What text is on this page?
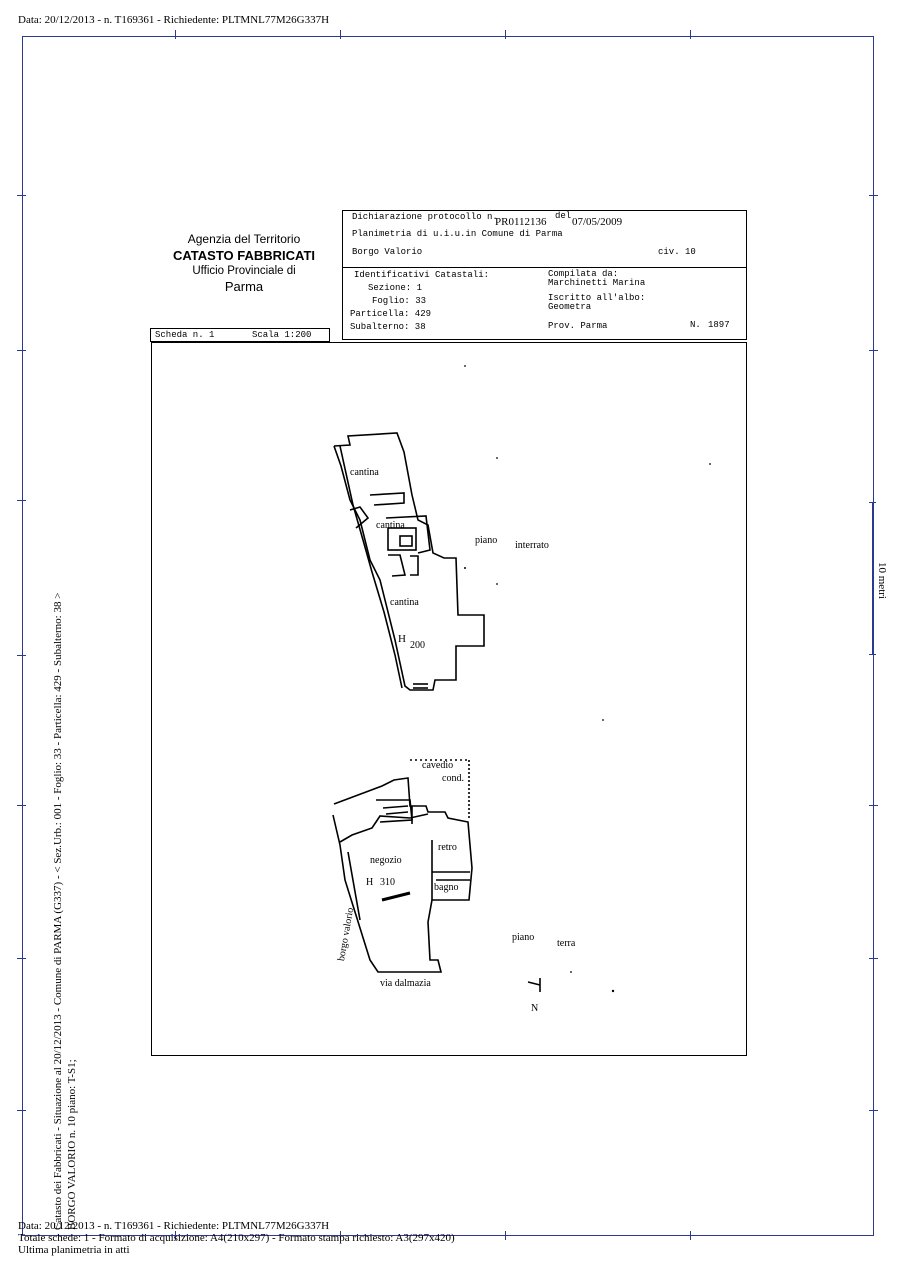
Data: 20/12/2013 - n. T169361 - Richiedente: PLTMNL77M26G337H
10 metri
Catasto dei Fabbricati - Situazione al 20/12/2013 - Comune di PARMA (G337) - < Sez.Urb.: 001 - Foglio: 33 - Particella: 429 - Subalterno: 38 > BORGO VALORIO n. 10 piano: T-S1;
Agenzia del Territorio
CATASTO FABBRICATI
Ufficio Provinciale di
Parma
Dichiarazione protocollo n.
PR0112136 del 07/05/2009
Planimetria di u.i.u.in Comune di Parma
Borgo Valorio	civ. 10
Identificativi Catastali:
Sezione: 1
Foglio: 33
Particella: 429
Subalterno: 38
Compilata da:
Marchinetti Marina
Iscritto all'albo:
Geometra
Prov. Parma	N. 1897
Scheda n. 1	Scala 1:200
cantina
cantina
piano interrato
cantina
H
200
cavedio
cond.
retro
negozio
H 310	bagno
borgo valorio	piano
terra
via dalmazia
N
Data: 20/12/2013 - n. T169361 - Richiedente: PLTMNL77M26G337H
Totale schede: 1 - Formato di acquisizione: A4(210x297) - Formato stampa richiesto: A3(297x420)
Ultima planimetria in atti
